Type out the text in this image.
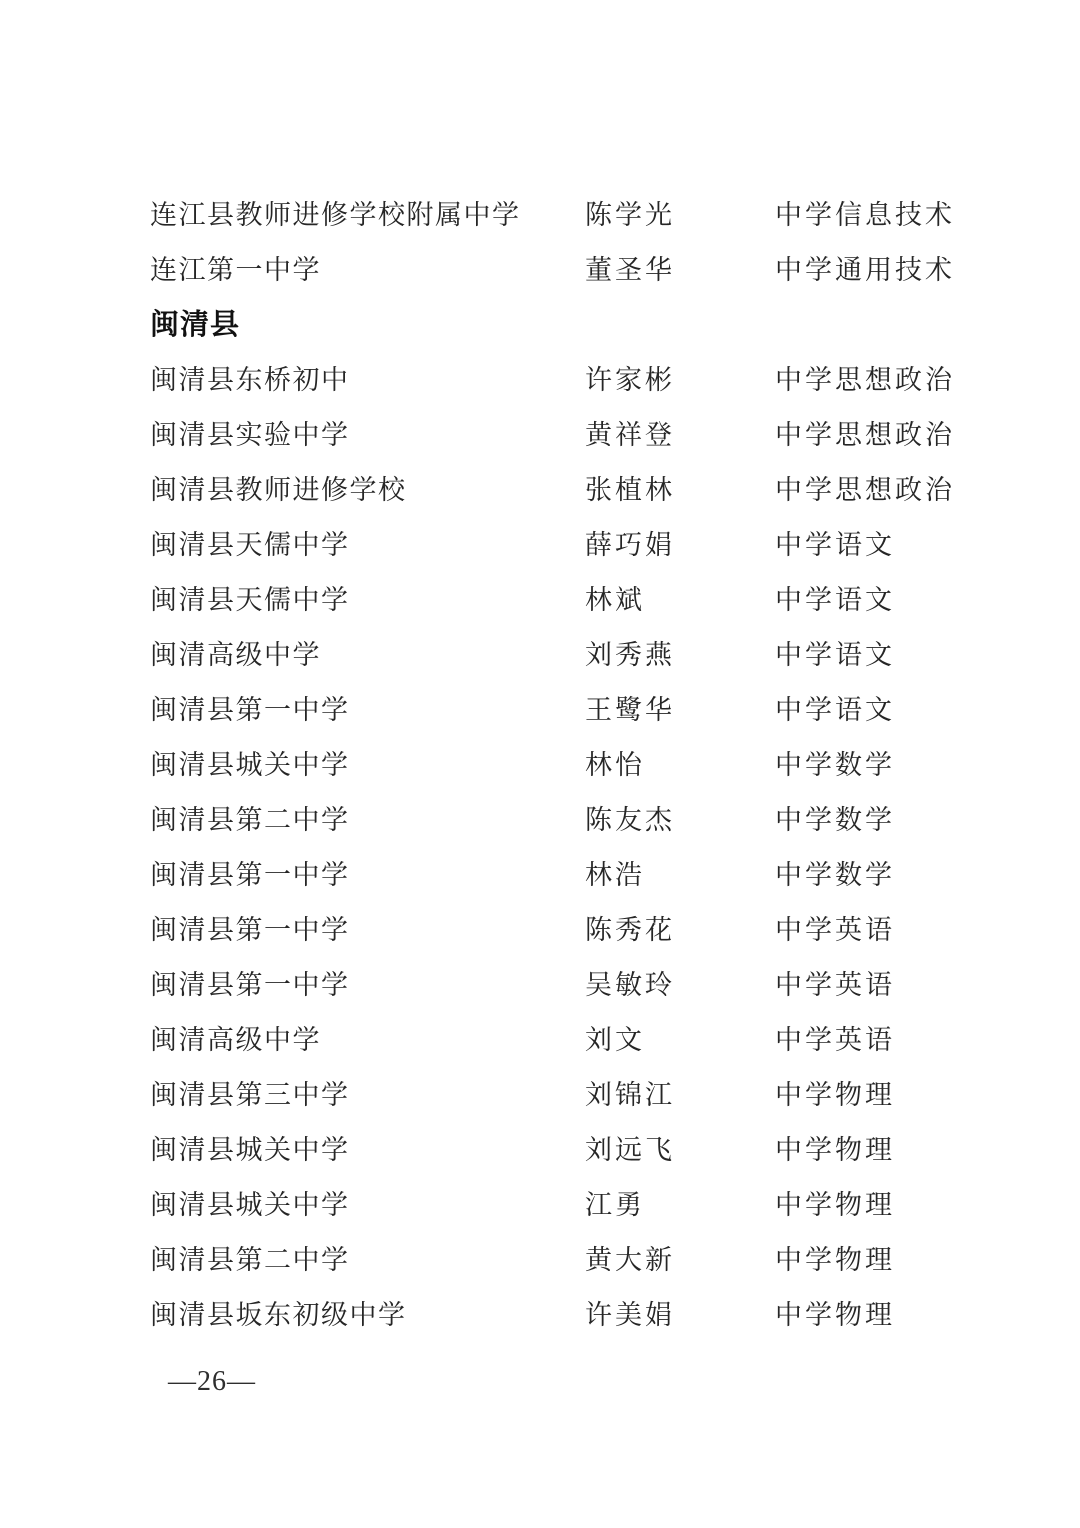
连江县教师进修学校附属中学	陈学光	中学信息技术
连江第一中学	董圣华	中学通用技术
闽清县
闽清县东桥初中	许家彬	中学思想政治
闽清县实验中学	黄祥登	中学思想政治
闽清县教师进修学校	张植林	中学思想政治
闽清县天儒中学	薛巧娟	中学语文
闽清县天儒中学	林斌	中学语文
闽清高级中学	刘秀燕	中学语文
闽清县第一中学	王鹭华	中学语文
闽清县城关中学	林怡	中学数学
闽清县第二中学	陈友杰	中学数学
闽清县第一中学	林浩	中学数学
闽清县第一中学	陈秀花	中学英语
闽清县第一中学	吴敏玲	中学英语
闽清高级中学	刘文	中学英语
闽清县第三中学	刘锦江	中学物理
闽清县城关中学	刘远飞	中学物理
闽清县城关中学	江勇	中学物理
闽清县第二中学	黄大新	中学物理
闽清县坂东初级中学	许美娟	中学物理
—26—
